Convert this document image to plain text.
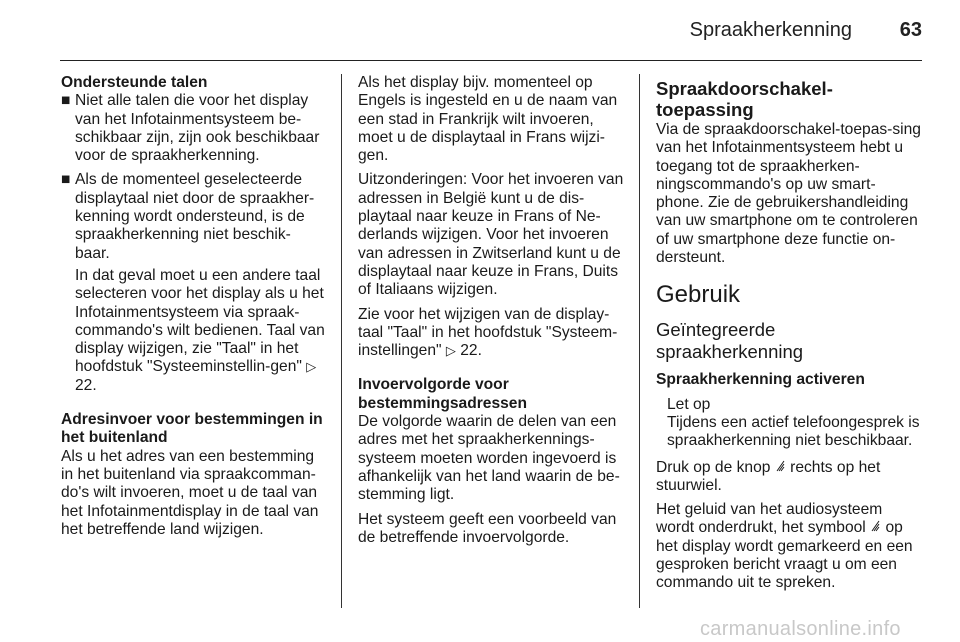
Spraakherkenning 63

Ondersteunde talen

■ Niet alle talen die voor het display van het Infotainmentsysteem be-schikbaar zijn, zijn ook beschikbaar voor de spraakherkenning.
■ Als de momenteel geselecteerde displaytaal niet door de spraakher-kenning wordt ondersteund, is de spraakherkenning niet beschik-baar.

In dat geval moet u een andere taal selecteren voor het display als u het Infotainmentsysteem via spraak-commando's wilt bedienen. Taal van display wijzigen, zie "Taal" in het hoofdstuk "Systeeminstellin-gen" ▷ 22.

Adresinvoer voor bestemmingen in het buitenland

Als u het adres van een bestemming in het buitenland via spraakcomman-do's wilt invoeren, moet u de taal van het Infotainmentdisplay in de taal van het betreffende land wijzigen.

Als het display bijv. momenteel op Engels is ingesteld en u de naam van een stad in Frankrijk wilt invoeren, moet u de displaytaal in Frans wijzi-gen.

Uitzonderingen: Voor het invoeren van adressen in België kunt u de dis-playtaal naar keuze in Frans of Ne-derlands wijzigen. Voor het invoeren van adressen in Zwitserland kunt u de displaytaal naar keuze in Frans, Duits of Italiaans wijzigen.

Zie voor het wijzigen van de display-taal "Taal" in het hoofdstuk "Systeem-instellingen" ▷ 22.

Invoervolgorde voor bestemmingsadressen

De volgorde waarin de delen van een adres met het spraakherkennings-systeem moeten worden ingevoerd is afhankelijk van het land waarin de be-stemming ligt.

Het systeem geeft een voorbeeld van de betreffende invoervolgorde.

Spraakdoorschakel-toepassing

Via de spraakdoorschakel-toepas-sing van het Infotainmentsysteem hebt u toegang tot de spraakherken-ningscommando's op uw smart-phone. Zie de gebruikershandleiding van uw smartphone om te controleren of uw smartphone deze functie on-dersteunt.

Gebruik
Geïntegreerde spraakherkenning

Spraakherkenning activeren

Let op
Tijdens een actief telefoongesprek is spraakherkenning niet beschikbaar.

Druk op de knop rechts op het stuurwiel.

Het geluid van het audiosysteem wordt onderdrukt, het symbool op het display wordt gemarkeerd en een gesproken bericht vraagt u om een commando uit te spreken.

carmanualsonline.info
